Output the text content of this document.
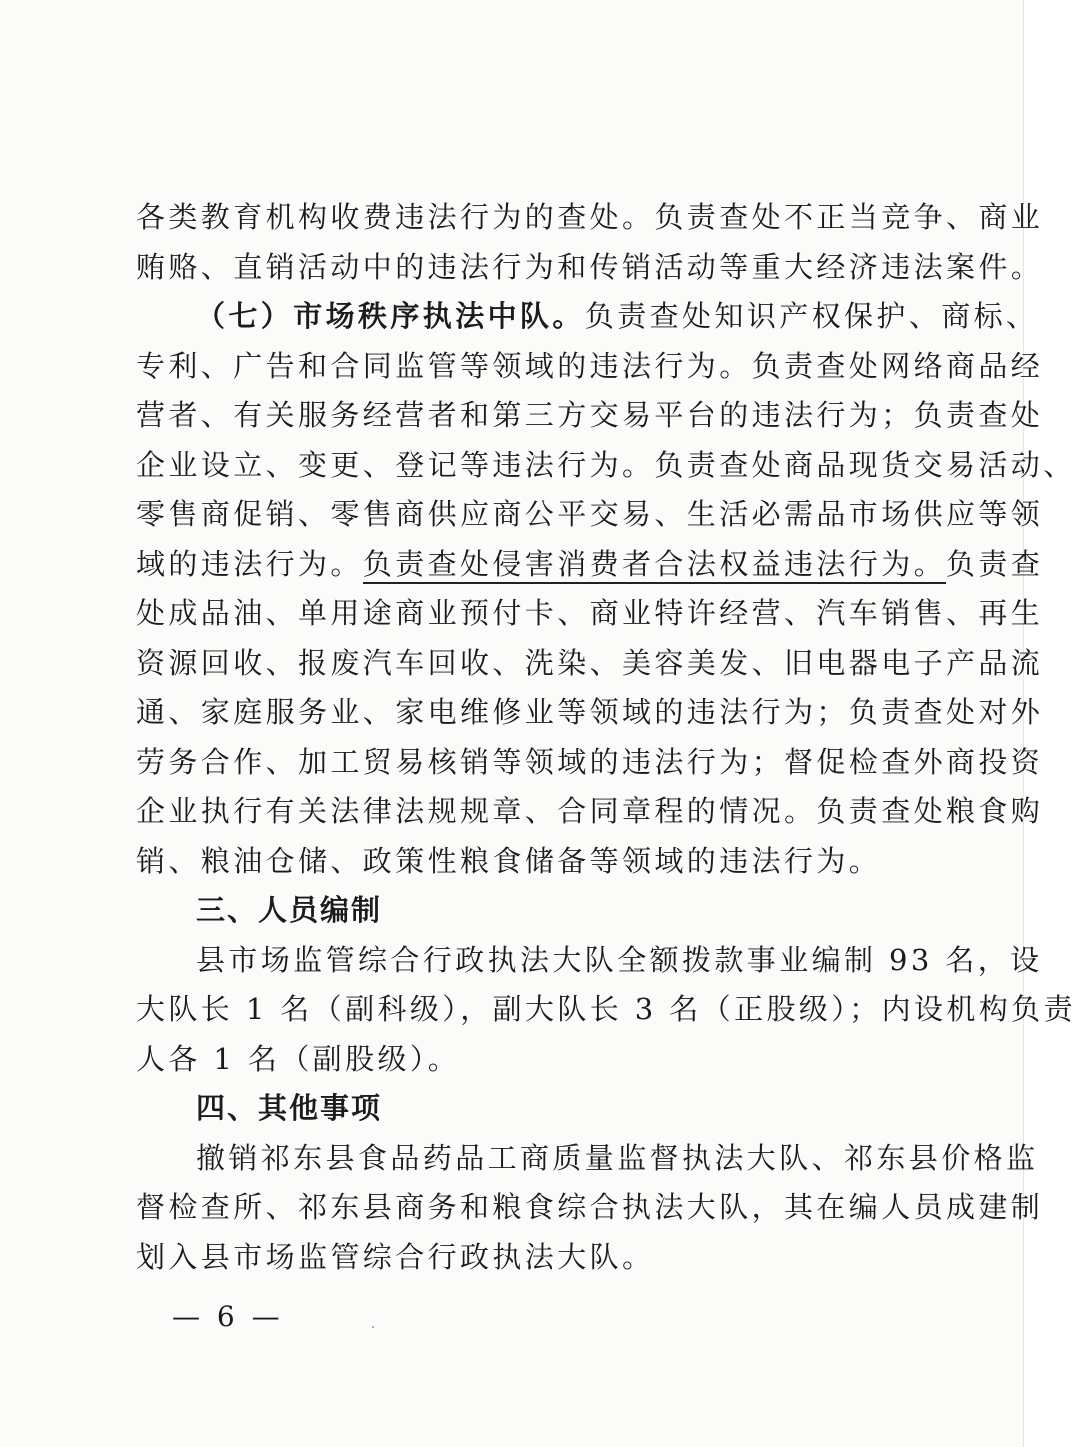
各类教育机构收费违法行为的查处。负责查处不正当竞争、商业
贿赂、直销活动中的违法行为和传销活动等重大经济违法案件。
（七）市场秩序执法中队。负责查处知识产权保护、商标、
专利、广告和合同监管等领域的违法行为。负责查处网络商品经
营者、有关服务经营者和第三方交易平台的违法行为；负责查处
企业设立、变更、登记等违法行为。负责查处商品现货交易活动、
零售商促销、零售商供应商公平交易、生活必需品市场供应等领
域的违法行为。负责查处侵害消费者合法权益违法行为。负责查
处成品油、单用途商业预付卡、商业特许经营、汽车销售、再生
资源回收、报废汽车回收、洗染、美容美发、旧电器电子产品流
通、家庭服务业、家电维修业等领域的违法行为；负责查处对外
劳务合作、加工贸易核销等领域的违法行为；督促检查外商投资
企业执行有关法律法规规章、合同章程的情况。负责查处粮食购
销、粮油仓储、政策性粮食储备等领域的违法行为。
三、人员编制
县市场监管综合行政执法大队全额拨款事业编制 93 名，设
大队长 1 名（副科级），副大队长 3 名（正股级）；内设机构负责
人各 1 名（副股级）。
四、其他事项
撤销祁东县食品药品工商质量监督执法大队、祁东县价格监
督检查所、祁东县商务和粮食综合执法大队，其在编人员成建制
划入县市场监管综合行政执法大队。
— 6 —
